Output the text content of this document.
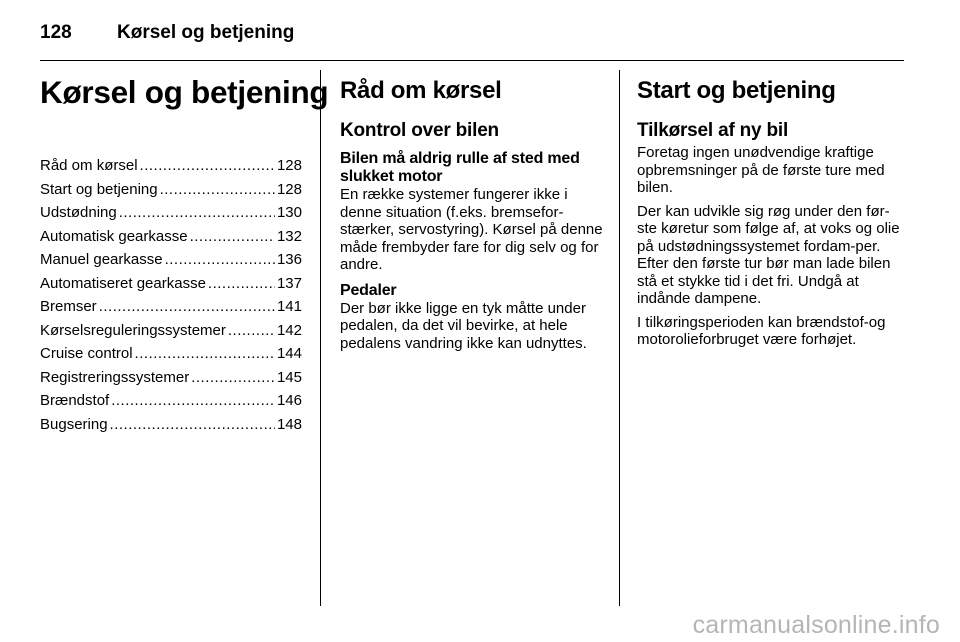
128 Kørsel og betjening
Kørsel og betjening
Råd om kørsel .....	128
Start og betjening .....	128
Udstødning .....	130
Automatisk gearkasse .....	132
Manuel gearkasse .....	136
Automatiseret gearkasse .....	137
Bremser .....	141
Kørselsreguleringssystemer .....	142
Cruise control .....	144
Registreringssystemer .....	145
Brændstof .....	146
Bugsering .....	148
Råd om kørsel
Kontrol over bilen
Bilen må aldrig rulle af sted med slukket motor

En række systemer fungerer ikke i denne situation (f.eks. bremsefor-stærker, servostyring). Kørsel på denne måde frembyder fare for dig selv og for andre.

Pedaler

Der bør ikke ligge en tyk måtte under pedalen, da det vil bevirke, at hele pedalens vandring ikke kan udnyttes.

Start og betjening
Tilkørsel af ny bil

Foretag ingen unødvendige kraftige opbremsninger på de første ture med bilen.

Der kan udvikle sig røg under den før-ste køretur som følge af, at voks og olie på udstødningssystemet fordam-per. Efter den første tur bør man lade bilen stå et stykke tid i det fri. Undgå at indånde dampene.

I tilkøringsperioden kan brændstof-og motorolieforbruget være forhøjet.

carmanualsonline.info
